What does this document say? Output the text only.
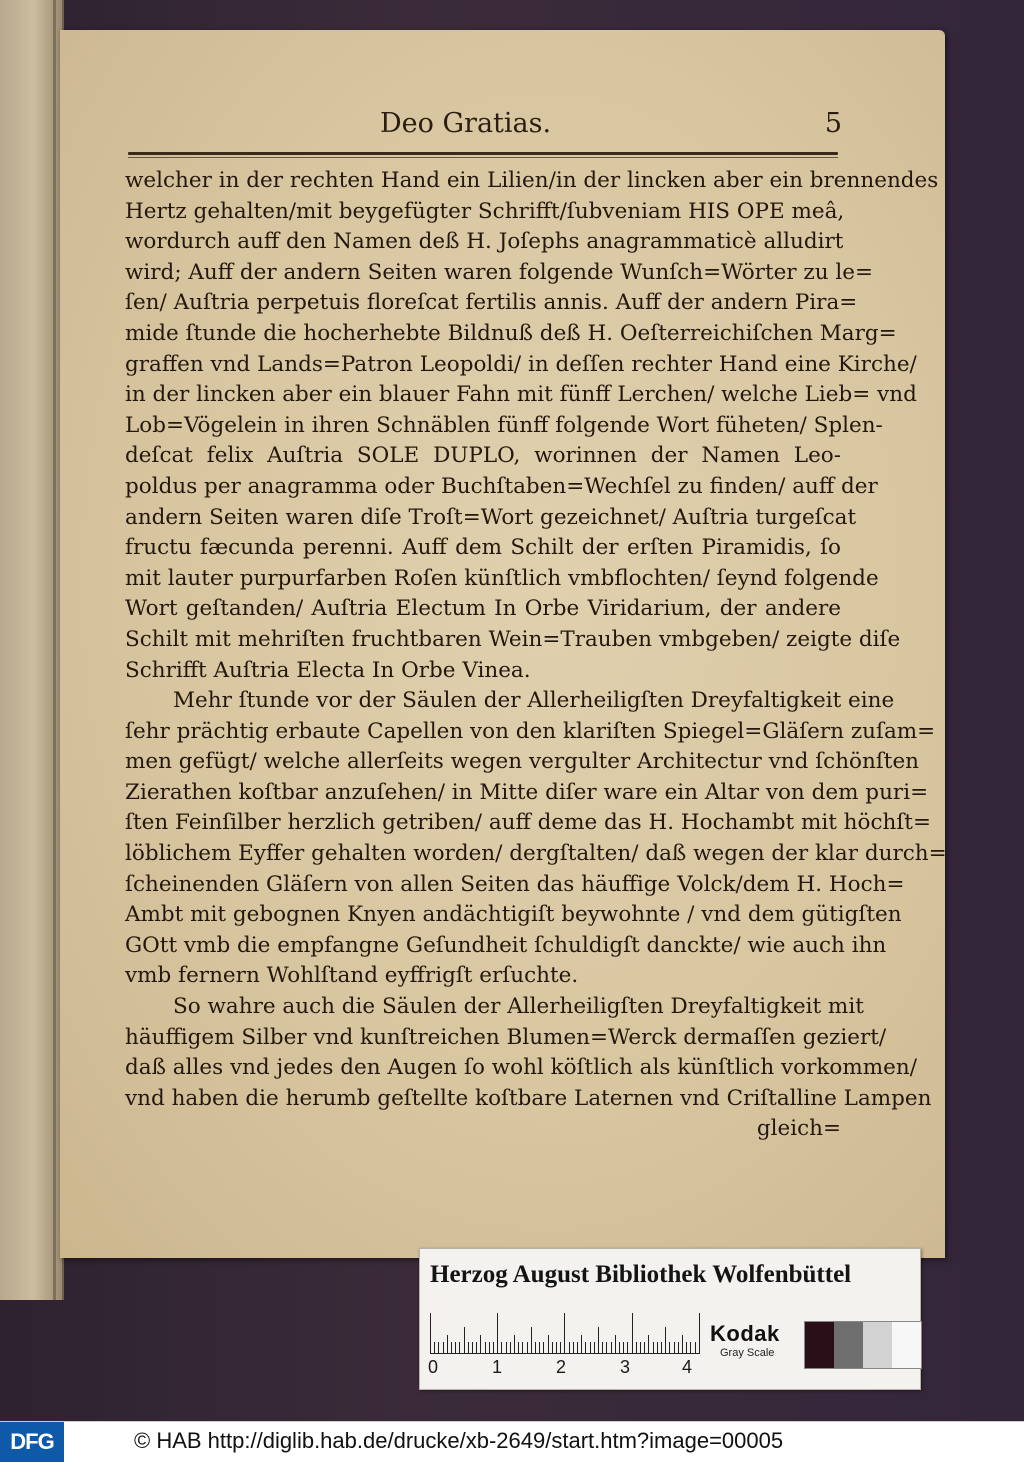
Deo Gratias.	5
welcher in der rechten Hand ein Lilien/in der lincken aber ein brennendes
Hertz gehalten/mit beygefügter Schrifft/ſubveniam HIS OPE meâ,
wordurch auff den Namen deß H. Joſephs anagrammaticè alludirt
wird; Auff der andern Seiten waren folgende Wunſch=Wörter zu le=
ſen/ Auſtria perpetuis floreſcat fertilis annis. Auff der andern Pira=
mide ſtunde die hocherhebte Bildnuß deß H. Oeſterreichiſchen Marg=
graffen vnd Lands=Patron Leopoldi/ in deſſen rechter Hand eine Kirche/
in der lincken aber ein blauer Fahn mit fünff Lerchen/ welche Lieb= vnd
Lob=Vögelein in ihren Schnäblen fünff folgende Wort füheten/ Splen-
deſcat felix Auſtria SOLE DUPLO, worinnen der Namen Leo-
poldus per anagramma oder Buchſtaben=Wechſel zu finden/ auff der
andern Seiten waren diſe Troſt=Wort gezeichnet/ Auſtria turgeſcat
fructu fæcunda perenni. Auff dem Schilt der erſten Piramidis, ſo
mit lauter purpurfarben Roſen künſtlich vmbflochten/ ſeynd folgende
Wort geſtanden/ Auſtria Electum In Orbe Viridarium, der andere
Schilt mit mehriſten fruchtbaren Wein=Trauben vmbgeben/ zeigte diſe
Schrifft Auſtria Electa In Orbe Vinea.
Mehr ſtunde vor der Säulen der Allerheiligſten Dreyfaltigkeit eine
ſehr prächtig erbaute Capellen von den klariſten Spiegel=Gläſern zuſam=
men gefügt/ welche allerſeits wegen vergulter Architectur vnd ſchönſten
Zierathen koſtbar anzuſehen/ in Mitte diſer ware ein Altar von dem puri=
ſten Feinſilber herzlich getriben/ auff deme das H. Hochambt mit höchſt=
löblichem Eyffer gehalten worden/ dergſtalten/ daß wegen der klar durch=
ſcheinenden Gläſern von allen Seiten das häuffige Volck/dem H. Hoch=
Ambt mit gebognen Knyen andächtigiſt beywohnte / vnd dem gütigſten
GOtt vmb die empfangne Geſundheit ſchuldigſt danckte/ wie auch ihn
vmb fernern Wohlſtand eyffrigſt erſuchte.
So wahre auch die Säulen der Allerheiligſten Dreyfaltigkeit mit
häuffigem Silber vnd kunſtreichen Blumen=Werck dermaſſen geziert/
daß alles vnd jedes den Augen ſo wohl köſtlich als künſtlich vorkommen/
vnd haben die herumb geſtellte koſtbare Laternen vnd Criſtalline Lampen
gleich=
Herzog August Bibliothek Wolfenbüttel
0	1	2	3	4
Kodak
Gray Scale
DFG	© HAB http://diglib.hab.de/drucke/xb-2649/start.htm?image=00005
